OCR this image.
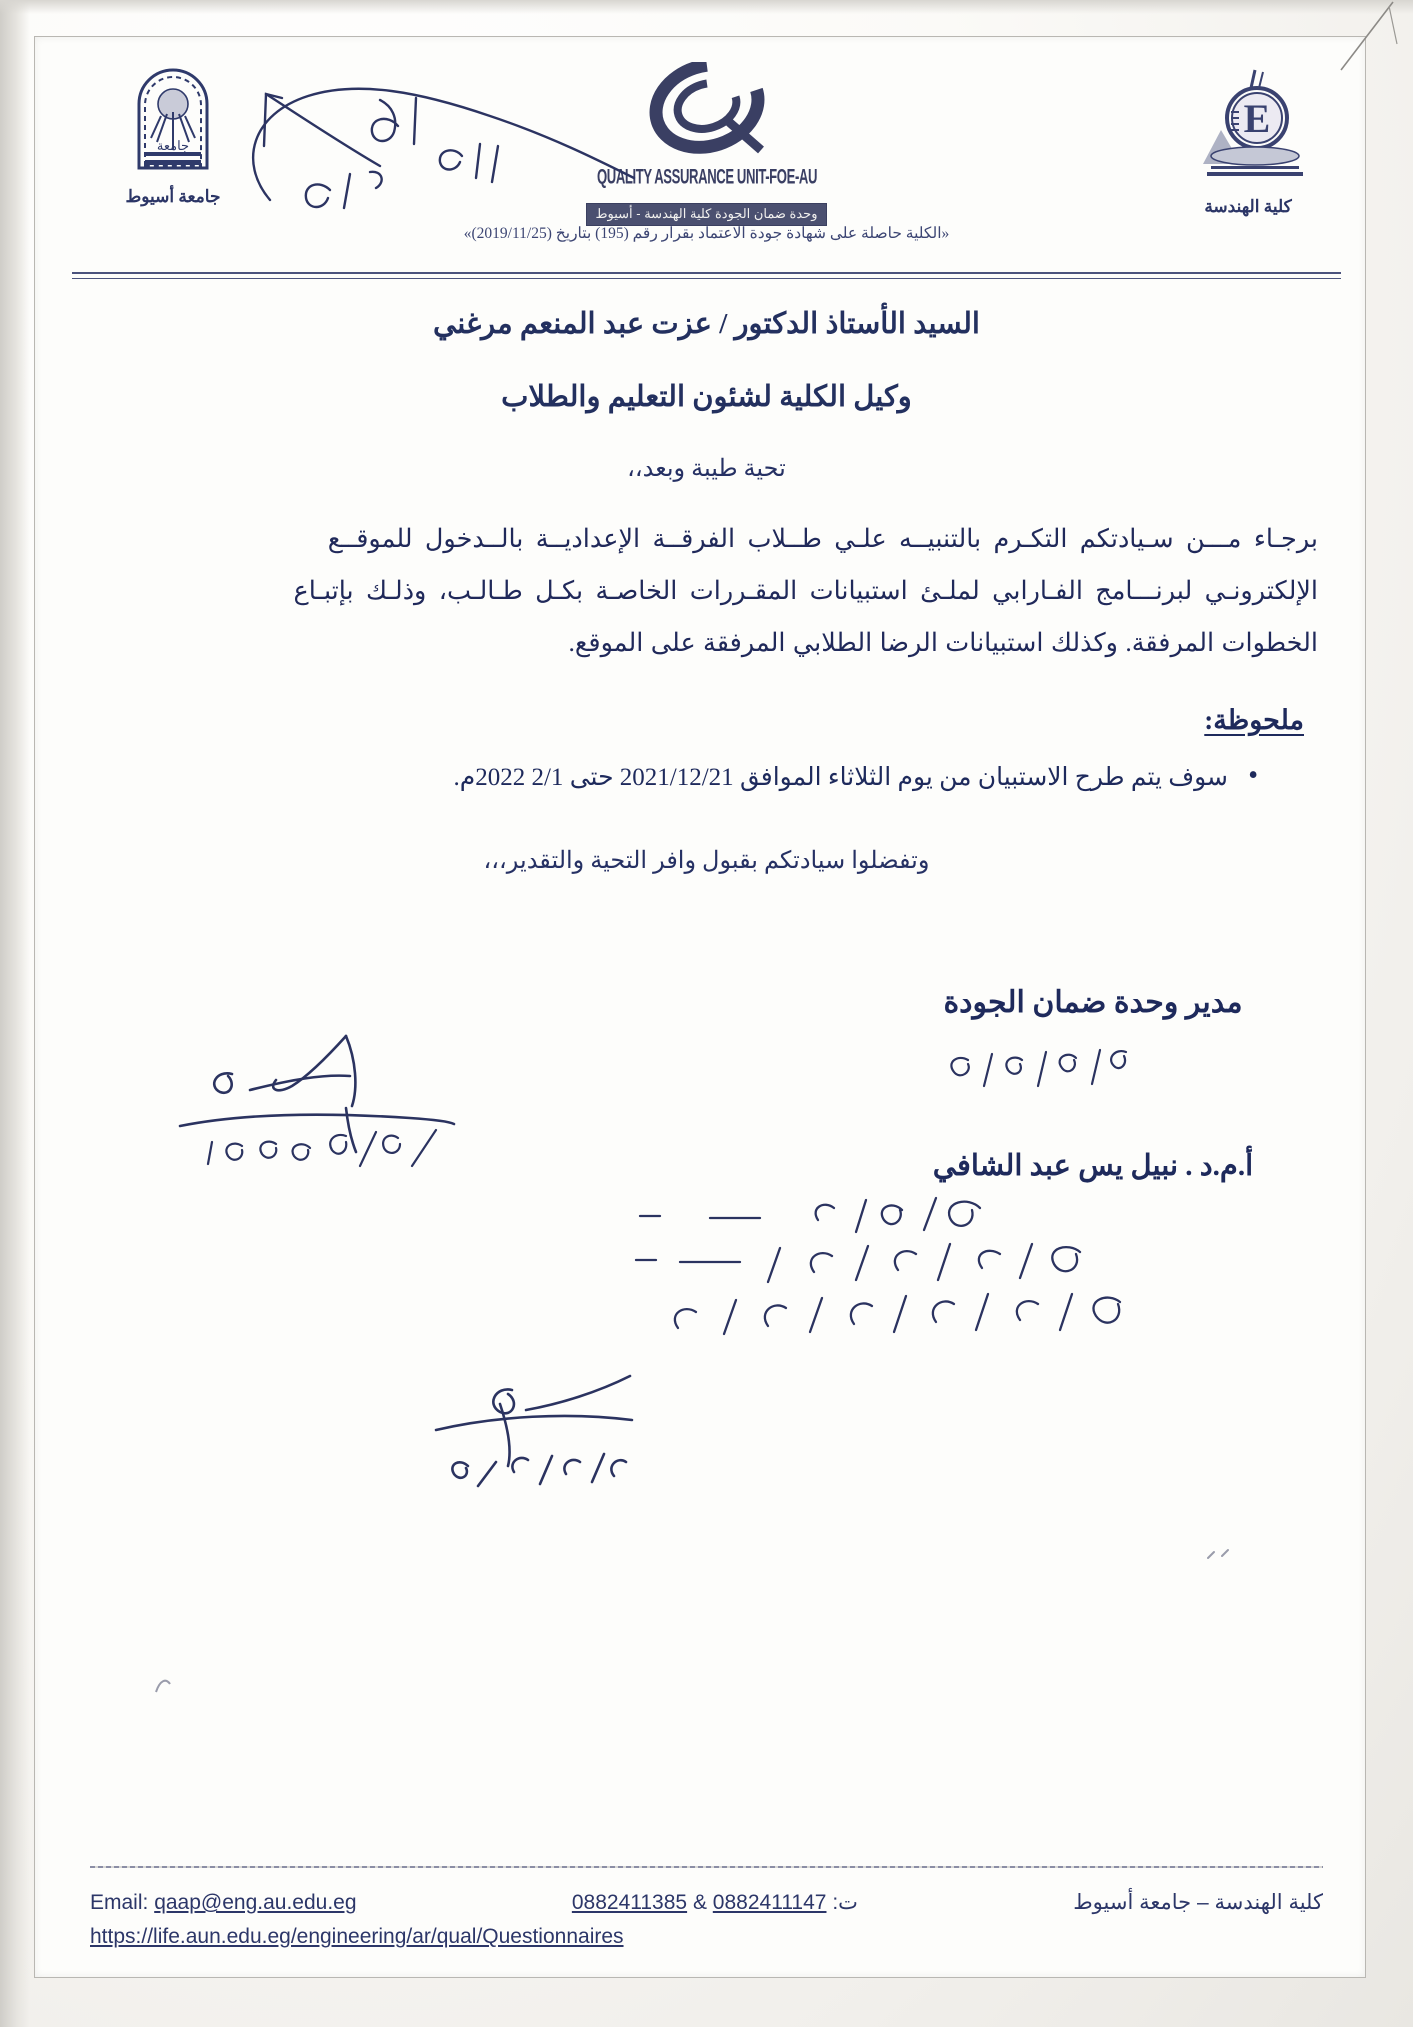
جامعة
جامعة أسيوط
QUALITY ASSURANCE UNIT-FOE-AU
وحدة ضمان الجودة كلية الهندسة - أسيوط
E
كلية الهندسة
«الكلية حاصلة على شهادة جودة الاعتماد بقرار رقم (195) بتاريخ (2019/11/25)»
السيد الأستاذ الدكتور / عزت عبد المنعم مرغني
وكيل الكلية لشئون التعليم والطلاب
تحية طيبة وبعد،،
برجـاء مـــن سـيادتكم التكـرم بالتنبيــه علـي طــلاب الفرقــة الإعداديــة بالــدخول للموقــع
الإلكترونـي لبرنـــامج الفـارابي لملـئ استبيانات المقـررات الخاصـة بكـل طـالـب، وذلـك بإتبـاع
الخطوات المرفقة. وكذلك استبيانات الرضا الطلابي المرفقة على الموقع.
ملحوظة:
• سوف يتم طرح الاستبيان من يوم الثلاثاء الموافق 2021/12/21 حتى 2/1 2022م.
وتفضلوا سيادتكم بقبول وافر التحية والتقدير،،،
مدير وحدة ضمان الجودة
أ.م.د . نبيل يس عبد الشافي
كلية الهندسة – جامعة أسيوط
ت: 0882411147 & 0882411385
Email: qaap@eng.au.edu.eg
https://life.aun.edu.eg/engineering/ar/qual/Questionnaires
